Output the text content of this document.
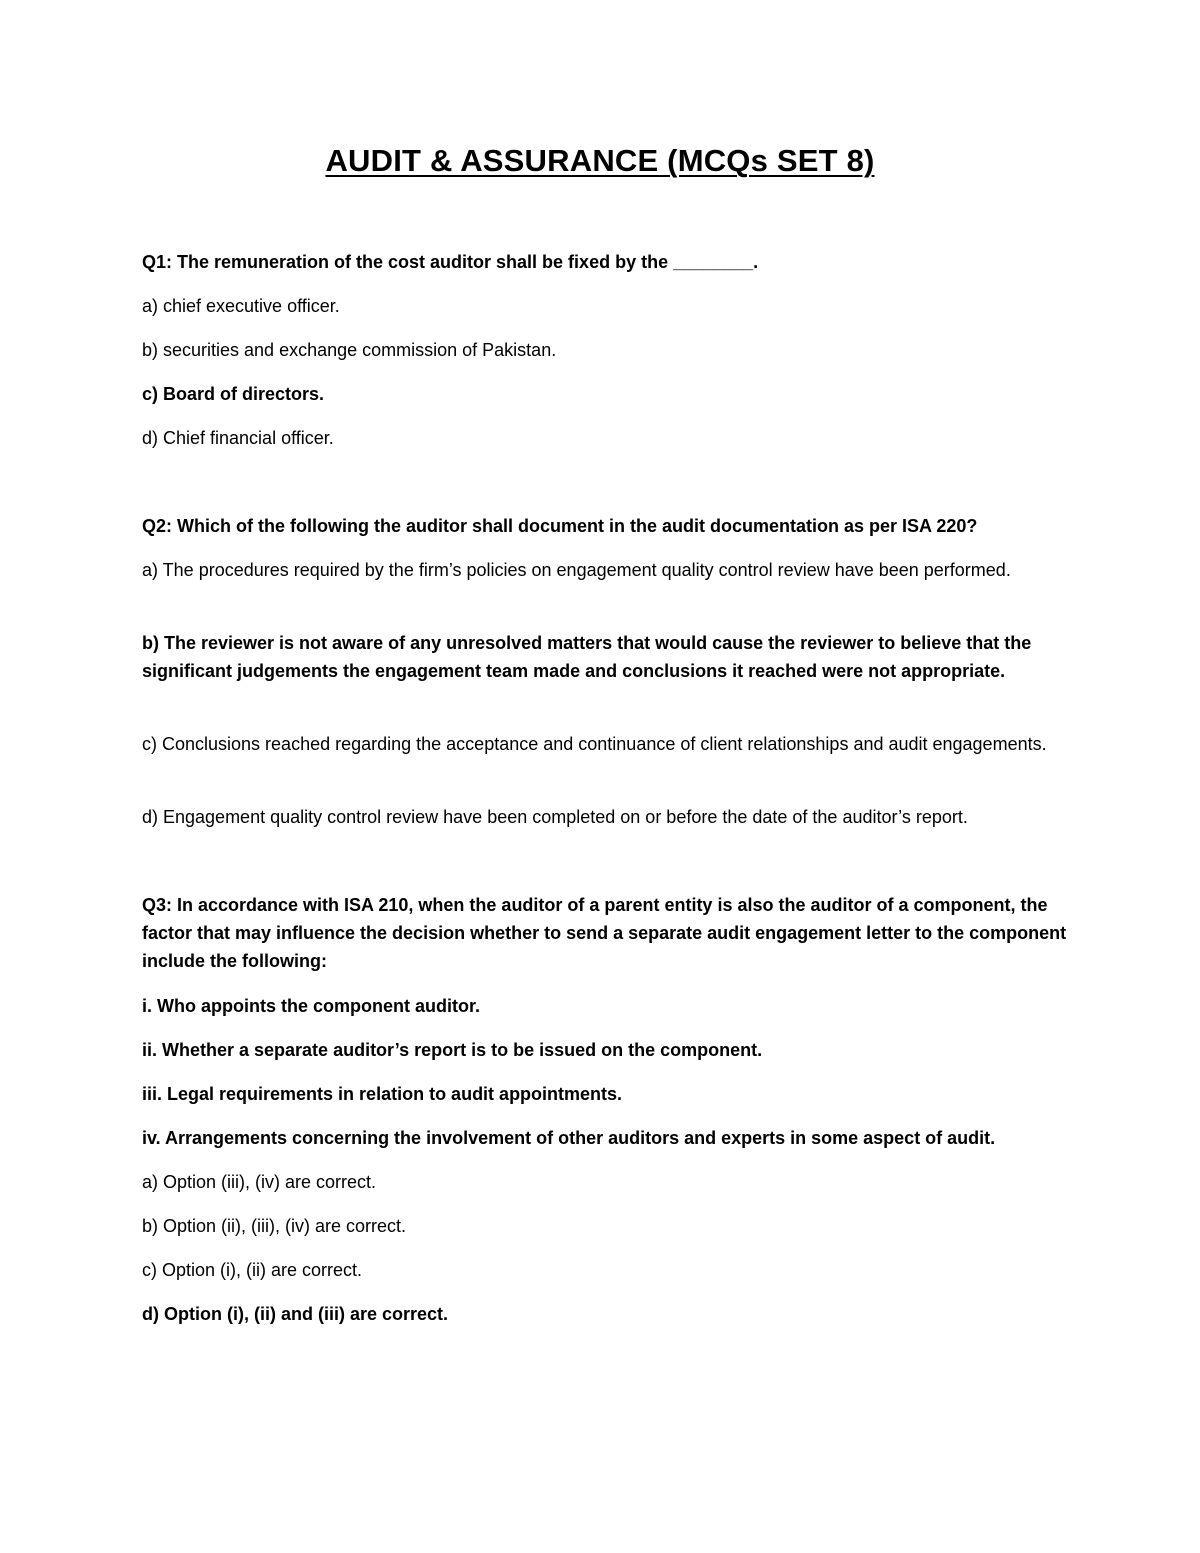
AUDIT & ASSURANCE (MCQs SET 8)

Q1: The remuneration of the cost auditor shall be fixed by the ________.

a) chief executive officer.

b) securities and exchange commission of Pakistan.

c) Board of directors.

d) Chief financial officer.

Q2: Which of the following the auditor shall document in the audit documentation as per ISA 220?

a) The procedures required by the firm’s policies on engagement quality control review have been performed.

b) The reviewer is not aware of any unresolved matters that would cause the reviewer to believe that the significant judgements the engagement team made and conclusions it reached were not appropriate.

c) Conclusions reached regarding the acceptance and continuance of client relationships and audit engagements.

d) Engagement quality control review have been completed on or before the date of the auditor’s report.

Q3: In accordance with ISA 210, when the auditor of a parent entity is also the auditor of a component, the factor that may influence the decision whether to send a separate audit engagement letter to the component include the following:

i. Who appoints the component auditor.

ii. Whether a separate auditor’s report is to be issued on the component.

iii. Legal requirements in relation to audit appointments.

iv. Arrangements concerning the involvement of other auditors and experts in some aspect of audit.

a) Option (iii), (iv) are correct.

b) Option (ii), (iii), (iv) are correct.

c) Option (i), (ii) are correct.

d) Option (i), (ii) and (iii) are correct.
